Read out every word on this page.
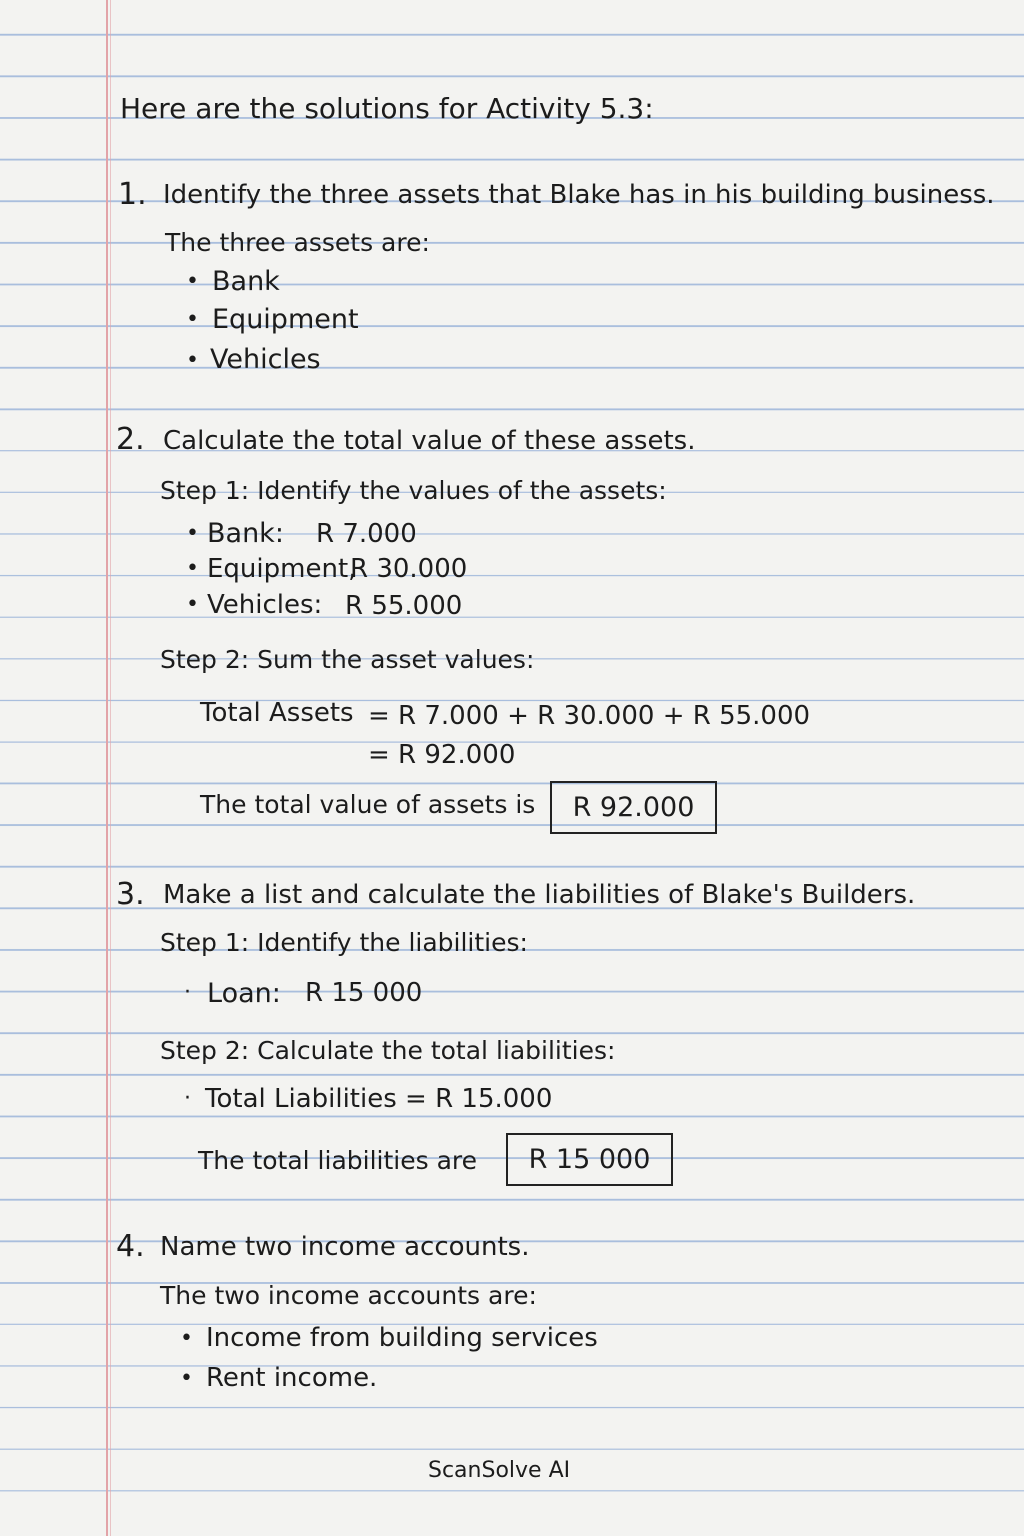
Here are the solutions for Activity 5.3:
1. Identify the three assets that Blake has in his building business.
The three assets are:
• Bank
• Equipment
• Vehicles
2. Calculate the total value of these assets.
Step 1: Identify the values of the assets:
• Bank: R 7.000
• Equipment,
R 30.000
• Vehicles: R 55.000
Step 2: Sum the asset values:
Total Assets = R 7.000 + R 30.000 + R 55.000
= R 92.000
The total value of assets is	R 92.000
3. Make a list and calculate the liabilities of Blake's Builders.
Step 1: Identify the liabilities:
· Loan: R 15 000
Step 2: Calculate the total liabilities:
· Total Liabilities = R 15.000
The total liabilities are	R 15 000
4. Name two income accounts.
The two income accounts are:
• Income from building services
• Rent income.
ScanSolve AI
